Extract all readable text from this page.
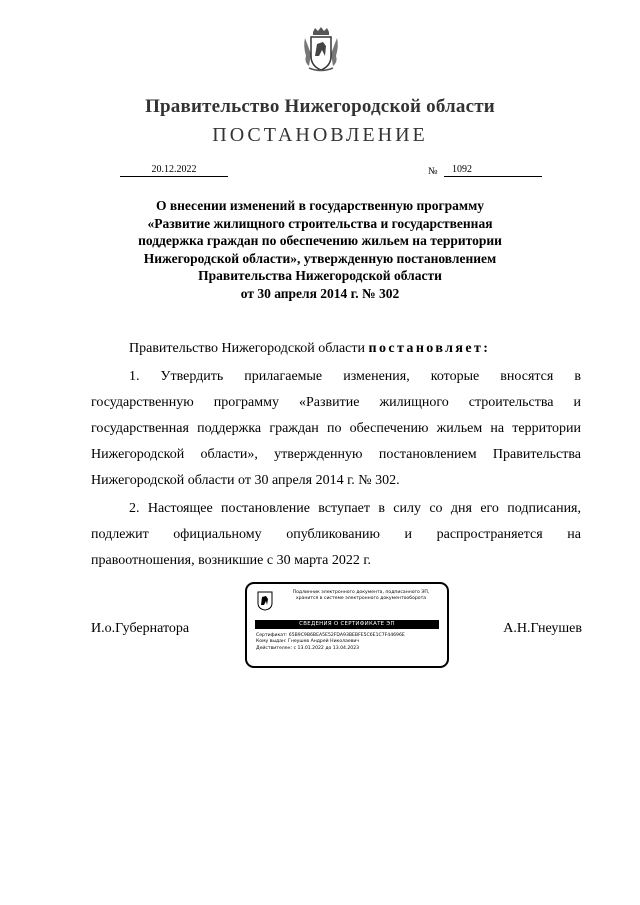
Правительство Нижегородской области
ПОСТАНОВЛЕНИЕ
20.12.2022	№	1092
О внесении изменений в государственную программу
«Развитие жилищного строительства и государственная
поддержка граждан по обеспечению жильем на территории
Нижегородской области», утвержденную постановлением
Правительства Нижегородской области
от 30 апреля 2014 г. № 302
Правительство Нижегородской области постановляет:
1. Утвердить прилагаемые изменения, которые вносятся в государственную программу «Развитие жилищного строительства и государственная поддержка граждан по обеспечению жильем на территории Нижегородской области», утвержденную постановлением Правительства Нижегородской области от 30 апреля 2014 г. № 302.
2. Настоящее постановление вступает в силу со дня его подписания, подлежит официальному опубликованию и распространяется на правоотношения, возникшие с 30 марта 2022 г.
И.о.Губернатора	А.Н.Гнеушев
Подлинник электронного документа, подписанного ЭП,
хранится в системе электронного документооборота
СВЕДЕНИЯ О СЕРТИФИКАТЕ ЭП
Сертификат: 65B9C9B6BEA5E52FDA93BEBFE5C6E1C7F44696E
Кому выдан: Гнеушев Андрей Николаевич
Действителен: с 13.01.2022 до 13.04.2023
